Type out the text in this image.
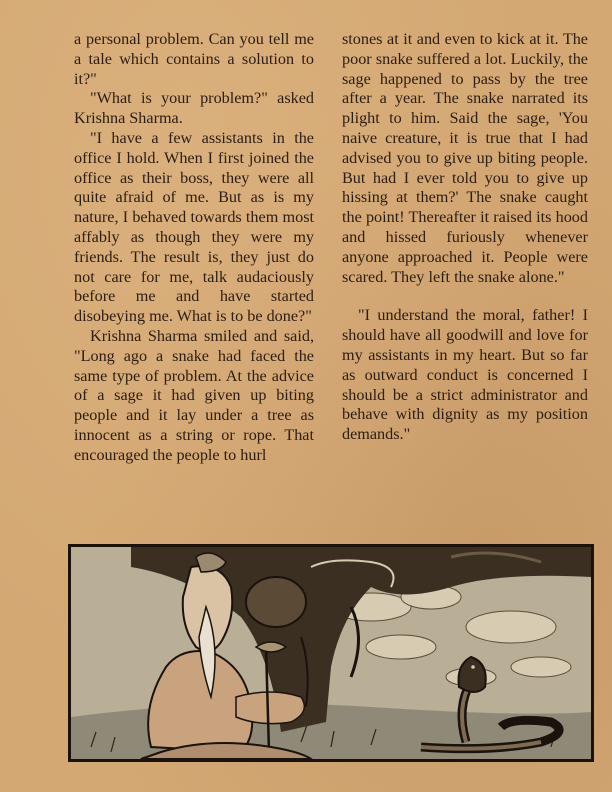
a personal problem. Can you tell me a tale which contains a solution to it?"

"What is your problem?" asked Krishna Sharma.

"I have a few assistants in the office I hold. When I first joined the office as their boss, they were all quite afraid of me. But as is my nature, I behaved towards them most affably as though they were my friends. The result is, they just do not care for me, talk audaciously before me and have started disobeying me. What is to be done?"

Krishna Sharma smiled and said, "Long ago a snake had faced the same type of problem. At the advice of a sage it had given up biting people and it lay under a tree as innocent as a string or rope. That encouraged the people to hurl

stones at it and even to kick at it. The poor snake suffered a lot. Luckily, the sage happened to pass by the tree after a year. The snake narrated its plight to him. Said the sage, 'You naive creature, it is true that I had advised you to give up biting people. But had I ever told you to give up hissing at them?' The snake caught the point! Thereafter it raised its hood and hissed furiously whenever anyone approached it. People were scared. They left the snake alone."

"I understand the moral, father! I should have all goodwill and love for my assistants in my heart. But so far as outward conduct is concerned I should be a strict administrator and behave with dignity as my position demands."
